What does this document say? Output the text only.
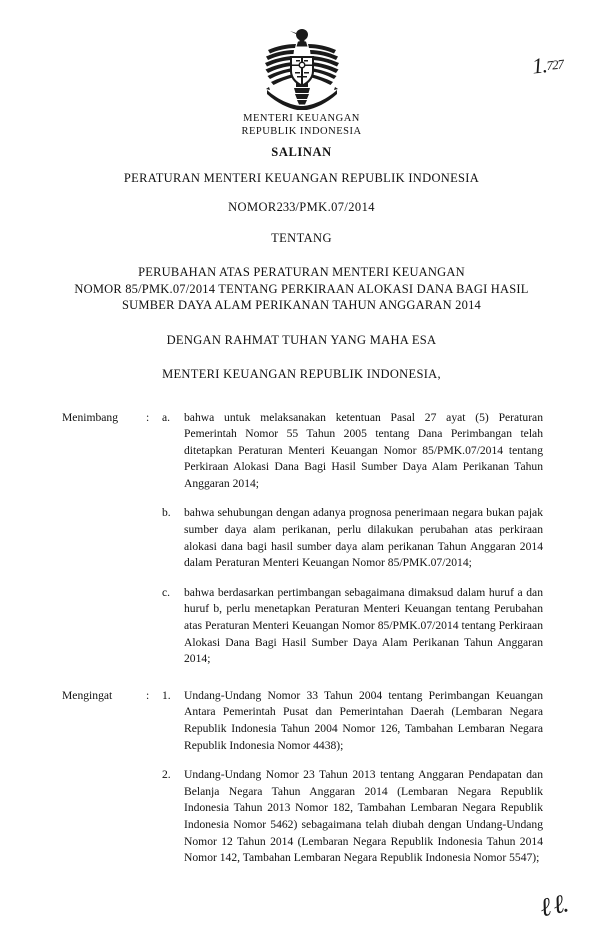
MENTERI KEUANGAN
REPUBLIK INDONESIA
SALINAN
PERATURAN MENTERI KEUANGAN REPUBLIK INDONESIA
NOMOR233/PMK.07/2014
TENTANG
PERUBAHAN ATAS PERATURAN MENTERI KEUANGAN
NOMOR 85/PMK.07/2014 TENTANG PERKIRAAN ALOKASI DANA BAGI HASIL
SUMBER DAYA ALAM PERIKANAN TAHUN ANGGARAN 2014
DENGAN RAHMAT TUHAN YANG MAHA ESA
MENTERI KEUANGAN REPUBLIK INDONESIA,
Menimbang	:	a.	bahwa untuk melaksanakan ketentuan Pasal 27 ayat (5) Peraturan Pemerintah Nomor 55 Tahun 2005 tentang Dana Perimbangan telah ditetapkan Peraturan Menteri Keuangan Nomor 85/PMK.07/2014 tentang Perkiraan Alokasi Dana Bagi Hasil Sumber Daya Alam Perikanan Tahun Anggaran 2014;
b.	bahwa sehubungan dengan adanya prognosa penerimaan negara bukan pajak sumber daya alam perikanan, perlu dilakukan perubahan atas perkiraan alokasi dana bagi hasil sumber daya alam perikanan Tahun Anggaran 2014 dalam Peraturan Menteri Keuangan Nomor 85/PMK.07/2014;
c.	bahwa berdasarkan pertimbangan sebagaimana dimaksud dalam huruf a dan huruf b, perlu menetapkan Peraturan Menteri Keuangan tentang Perubahan atas Peraturan Menteri Keuangan Nomor 85/PMK.07/2014 tentang Perkiraan Alokasi Dana Bagi Hasil Sumber Daya Alam Perikanan Tahun Anggaran 2014;
Mengingat	:	1.	Undang-Undang Nomor 33 Tahun 2004 tentang Perimbangan Keuangan Antara Pemerintah Pusat dan Pemerintahan Daerah (Lembaran Negara Republik Indonesia Tahun 2004 Nomor 126, Tambahan Lembaran Negara Republik Indonesia Nomor 4438);
2.	Undang-Undang Nomor 23 Tahun 2013 tentang Anggaran Pendapatan dan Belanja Negara Tahun Anggaran 2014 (Lembaran Negara Republik Indonesia Tahun 2013 Nomor 182, Tambahan Lembaran Negara Republik Indonesia Nomor 5462) sebagaimana telah diubah dengan Undang-Undang Nomor 12 Tahun 2014 (Lembaran Negara Republik Indonesia Tahun 2014 Nomor 142, Tambahan Lembaran Negara Republik Indonesia Nomor 5547);
1.727
ℓ ℓ.
